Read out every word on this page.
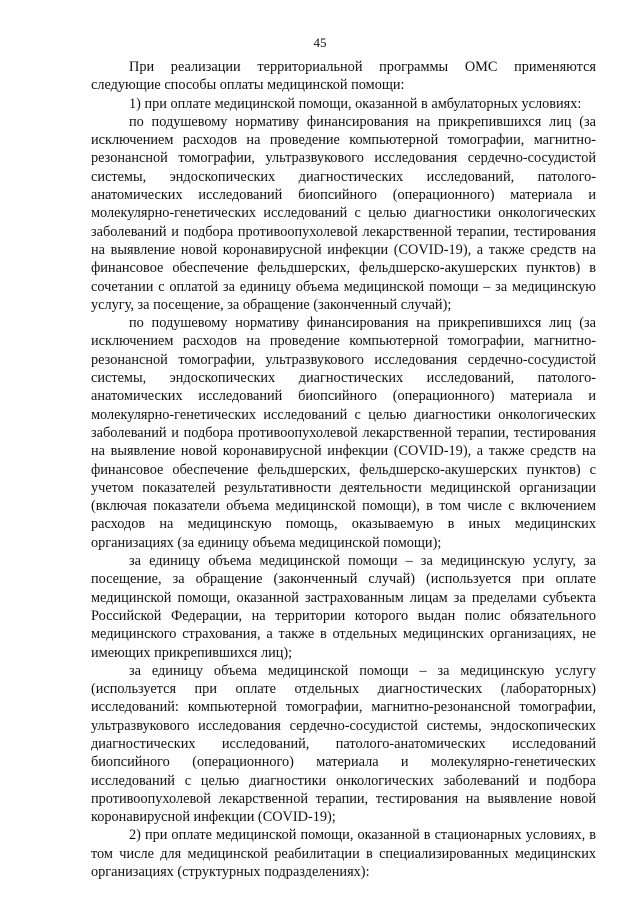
45

При реализации территориальной программы ОМС применяются следующие способы оплаты медицинской помощи:

1) при оплате медицинской помощи, оказанной в амбулаторных условиях:

по подушевому нормативу финансирования на прикрепившихся лиц (за исключением расходов на проведение компьютерной томографии, магнитно-резонансной томографии, ультразвукового исследования сердечно-сосудистой системы, эндоскопических диагностических исследований, патолого-анатомических исследований биопсийного (операционного) материала и молекулярно-генетических исследований с целью диагностики онкологических заболеваний и подбора противоопухолевой лекарственной терапии, тестирования на выявление новой коронавирусной инфекции (COVID-19), а также средств на финансовое обеспечение фельдшерских, фельдшерско-акушерских пунктов) в сочетании с оплатой за единицу объема медицинской помощи – за медицинскую услугу, за посещение, за обращение (законченный случай);

по подушевому нормативу финансирования на прикрепившихся лиц (за исключением расходов на проведение компьютерной томографии, магнитно-резонансной томографии, ультразвукового исследования сердечно-сосудистой системы, эндоскопических диагностических исследований, патолого-анатомических исследований биопсийного (операционного) материала и молекулярно-генетических исследований с целью диагностики онкологических заболеваний и подбора противоопухолевой лекарственной терапии, тестирования на выявление новой коронавирусной инфекции (COVID-19), а также средств на финансовое обеспечение фельдшерских, фельдшерско-акушерских пунктов) с учетом показателей результативности деятельности медицинской организации (включая показатели объема медицинской помощи), в том числе с включением расходов на медицинскую помощь, оказываемую в иных медицинских организациях (за единицу объема медицинской помощи);

за единицу объема медицинской помощи – за медицинскую услугу, за посещение, за обращение (законченный случай) (используется при оплате медицинской помощи, оказанной застрахованным лицам за пределами субъекта Российской Федерации, на территории которого выдан полис обязательного медицинского страхования, а также в отдельных медицинских организациях, не имеющих прикрепившихся лиц);

за единицу объема медицинской помощи – за медицинскую услугу (используется при оплате отдельных диагностических (лабораторных) исследований: компьютерной томографии, магнитно-резонансной томографии, ультразвукового исследования сердечно-сосудистой системы, эндоскопических диагностических исследований, патолого-анатомических исследований биопсийного (операционного) материала и молекулярно-генетических исследований с целью диагностики онкологических заболеваний и подбора противоопухолевой лекарственной терапии, тестирования на выявление новой коронавирусной инфекции (COVID-19);

2) при оплате медицинской помощи, оказанной в стационарных условиях, в том числе для медицинской реабилитации в специализированных медицинских организациях (структурных подразделениях):
